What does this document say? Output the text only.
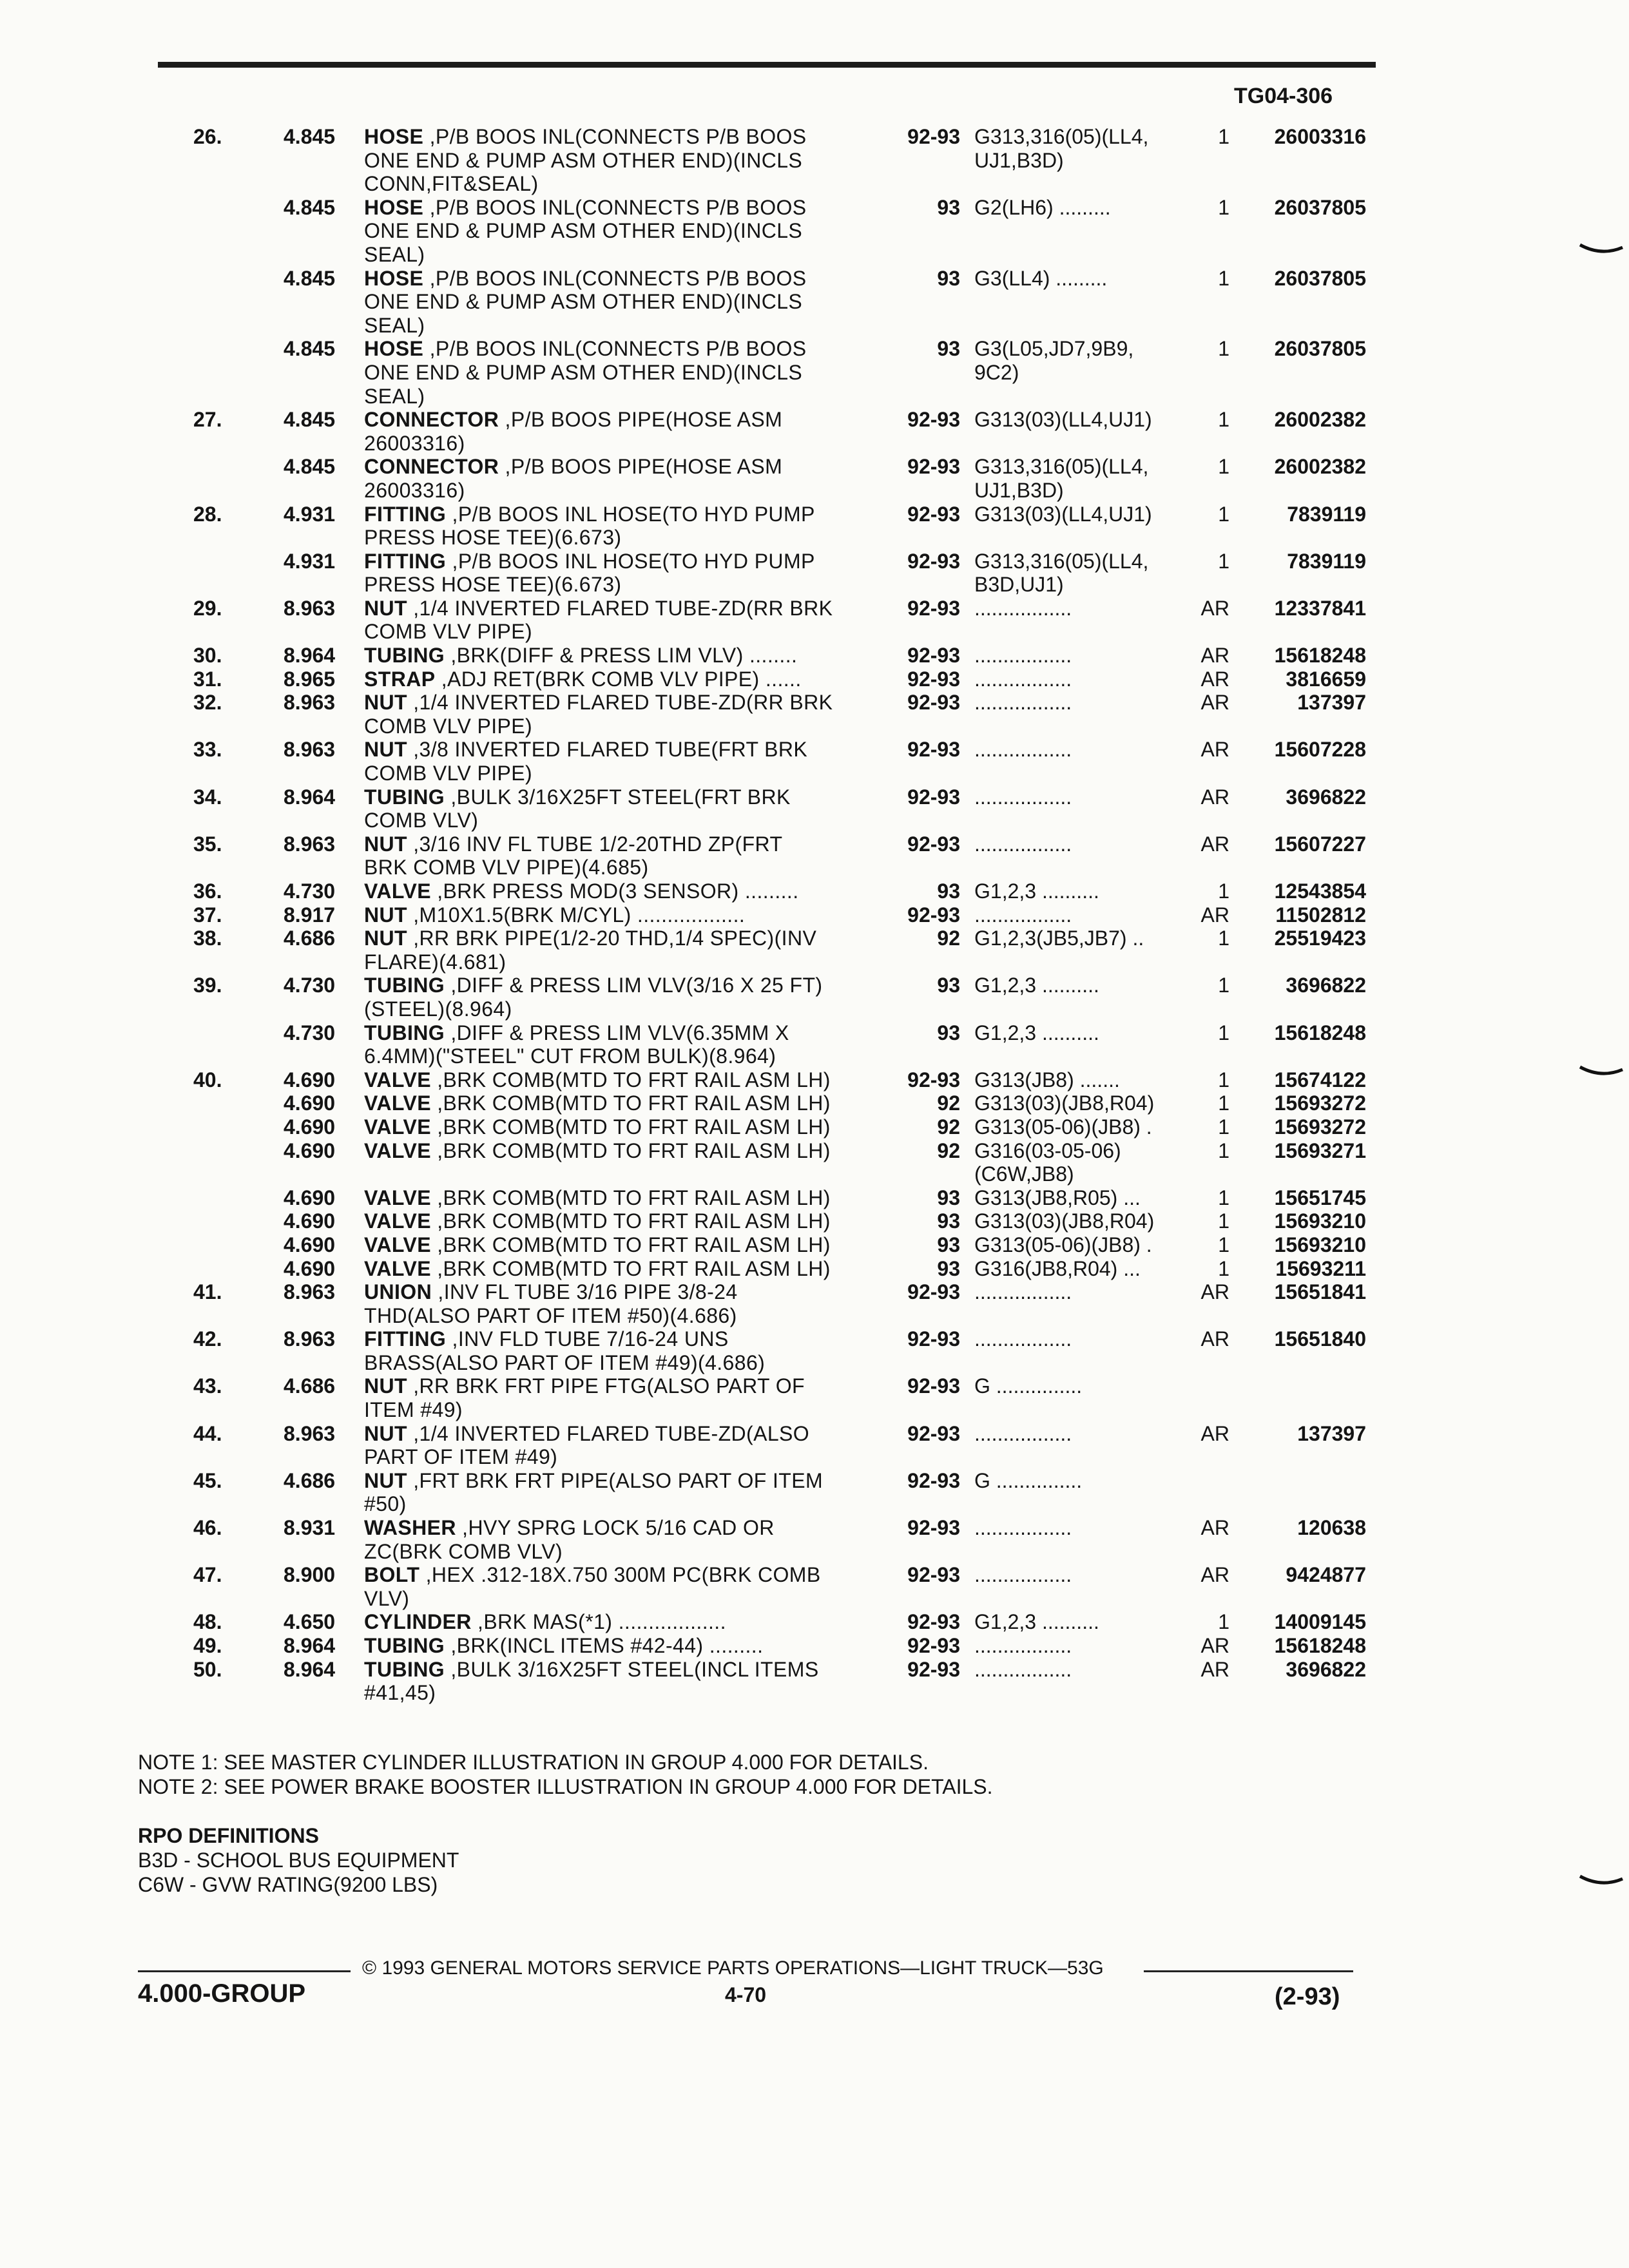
TG04-306
26.	4.845 HOSE ,P/B BOOS INL(CONNECTS P/B BOOS	92-93 G313,316(05)(LL4,	1	26003316
ONE END & PUMP ASM OTHER END)(INCLS	UJ1,B3D)
CONN,FIT&SEAL)
4.845 HOSE ,P/B BOOS INL(CONNECTS P/B BOOS	93 G2(LH6) .........	1	26037805
ONE END & PUMP ASM OTHER END)(INCLS
SEAL)
4.845 HOSE ,P/B BOOS INL(CONNECTS P/B BOOS	93 G3(LL4) .........	1	26037805
ONE END & PUMP ASM OTHER END)(INCLS
SEAL)
4.845 HOSE ,P/B BOOS INL(CONNECTS P/B BOOS	93 G3(L05,JD7,9B9,	1	26037805
ONE END & PUMP ASM OTHER END)(INCLS	9C2)
SEAL)
27.	4.845 CONNECTOR ,P/B BOOS PIPE(HOSE ASM	92-93 G313(03)(LL4,UJ1)	1	26002382
26003316)
4.845 CONNECTOR ,P/B BOOS PIPE(HOSE ASM	92-93 G313,316(05)(LL4,	1	26002382
26003316)	UJ1,B3D)
28.	4.931 FITTING ,P/B BOOS INL HOSE(TO HYD PUMP	92-93 G313(03)(LL4,UJ1)	1	7839119
PRESS HOSE TEE)(6.673)
4.931 FITTING ,P/B BOOS INL HOSE(TO HYD PUMP	92-93 G313,316(05)(LL4,	1	7839119
PRESS HOSE TEE)(6.673)	B3D,UJ1)
29.	8.963 NUT ,1/4 INVERTED FLARED TUBE-ZD(RR BRK	92-93 .................	AR	12337841
COMB VLV PIPE)
30.	8.964 TUBING ,BRK(DIFF & PRESS LIM VLV) ........	92-93 .................	AR	15618248
31.	8.965 STRAP ,ADJ RET(BRK COMB VLV PIPE) ......	92-93 .................	AR	3816659
32.	8.963 NUT ,1/4 INVERTED FLARED TUBE-ZD(RR BRK	92-93 .................	AR	137397
COMB VLV PIPE)
33.	8.963 NUT ,3/8 INVERTED FLARED TUBE(FRT BRK	92-93 .................	AR	15607228
COMB VLV PIPE)
34.	8.964 TUBING ,BULK 3/16X25FT STEEL(FRT BRK	92-93 .................	AR	3696822
COMB VLV)
35.	8.963 NUT ,3/16 INV FL TUBE 1/2-20THD ZP(FRT	92-93 .................	AR	15607227
BRK COMB VLV PIPE)(4.685)
36.	4.730 VALVE ,BRK PRESS MOD(3 SENSOR) .........	93 G1,2,3 ..........	1	12543854
37.	8.917 NUT ,M10X1.5(BRK M/CYL) ..................	92-93 .................	AR	11502812
38.	4.686 NUT ,RR BRK PIPE(1/2-20 THD,1/4 SPEC)(INV	92 G1,2,3(JB5,JB7) ..	1	25519423
FLARE)(4.681)
39.	4.730 TUBING ,DIFF & PRESS LIM VLV(3/16 X 25 FT)	93 G1,2,3 ..........	1	3696822
(STEEL)(8.964)
4.730 TUBING ,DIFF & PRESS LIM VLV(6.35MM X	93 G1,2,3 ..........	1	15618248
6.4MM)("STEEL" CUT FROM BULK)(8.964)
40.	4.690 VALVE ,BRK COMB(MTD TO FRT RAIL ASM LH)	92-93 G313(JB8) .......	1	15674122
4.690 VALVE ,BRK COMB(MTD TO FRT RAIL ASM LH)	92 G313(03)(JB8,R04)	1	15693272
4.690 VALVE ,BRK COMB(MTD TO FRT RAIL ASM LH)	92 G313(05-06)(JB8) .	1	15693272
4.690 VALVE ,BRK COMB(MTD TO FRT RAIL ASM LH)	92 G316(03-05-06)	1	15693271
(C6W,JB8)
4.690 VALVE ,BRK COMB(MTD TO FRT RAIL ASM LH)	93 G313(JB8,R05) ...	1	15651745
4.690 VALVE ,BRK COMB(MTD TO FRT RAIL ASM LH)	93 G313(03)(JB8,R04)	1	15693210
4.690 VALVE ,BRK COMB(MTD TO FRT RAIL ASM LH)	93 G313(05-06)(JB8) .	1	15693210
4.690 VALVE ,BRK COMB(MTD TO FRT RAIL ASM LH)	93 G316(JB8,R04) ...	1	15693211
41.	8.963 UNION ,INV FL TUBE 3/16 PIPE 3/8-24	92-93 .................	AR	15651841
THD(ALSO PART OF ITEM #50)(4.686)
42.	8.963 FITTING ,INV FLD TUBE 7/16-24 UNS	92-93 .................	AR	15651840
BRASS(ALSO PART OF ITEM #49)(4.686)
43.	4.686 NUT ,RR BRK FRT PIPE FTG(ALSO PART OF	92-93 G ...............
ITEM #49)
44.	8.963 NUT ,1/4 INVERTED FLARED TUBE-ZD(ALSO	92-93 .................	AR	137397
PART OF ITEM #49)
45.	4.686 NUT ,FRT BRK FRT PIPE(ALSO PART OF ITEM	92-93 G ...............
#50)
46.	8.931 WASHER ,HVY SPRG LOCK 5/16 CAD OR	92-93 .................	AR	120638
ZC(BRK COMB VLV)
47.	8.900 BOLT ,HEX .312-18X.750 300M PC(BRK COMB	92-93 .................	AR	9424877
VLV)
48.	4.650 CYLINDER ,BRK MAS(*1) ..................	92-93 G1,2,3 ..........	1	14009145
49.	8.964 TUBING ,BRK(INCL ITEMS #42-44) .........	92-93 .................	AR	15618248
50.	8.964 TUBING ,BULK 3/16X25FT STEEL(INCL ITEMS	92-93 .................	AR	3696822
#41,45)
NOTE 1: SEE MASTER CYLINDER ILLUSTRATION IN GROUP 4.000 FOR DETAILS.
NOTE 2: SEE POWER BRAKE BOOSTER ILLUSTRATION IN GROUP 4.000 FOR DETAILS.
RPO DEFINITIONS
B3D - SCHOOL BUS EQUIPMENT
C6W - GVW RATING(9200 LBS)
© 1993 GENERAL MOTORS SERVICE PARTS OPERATIONS—LIGHT TRUCK—53G
4.000-GROUP	4-70	(2-93)
